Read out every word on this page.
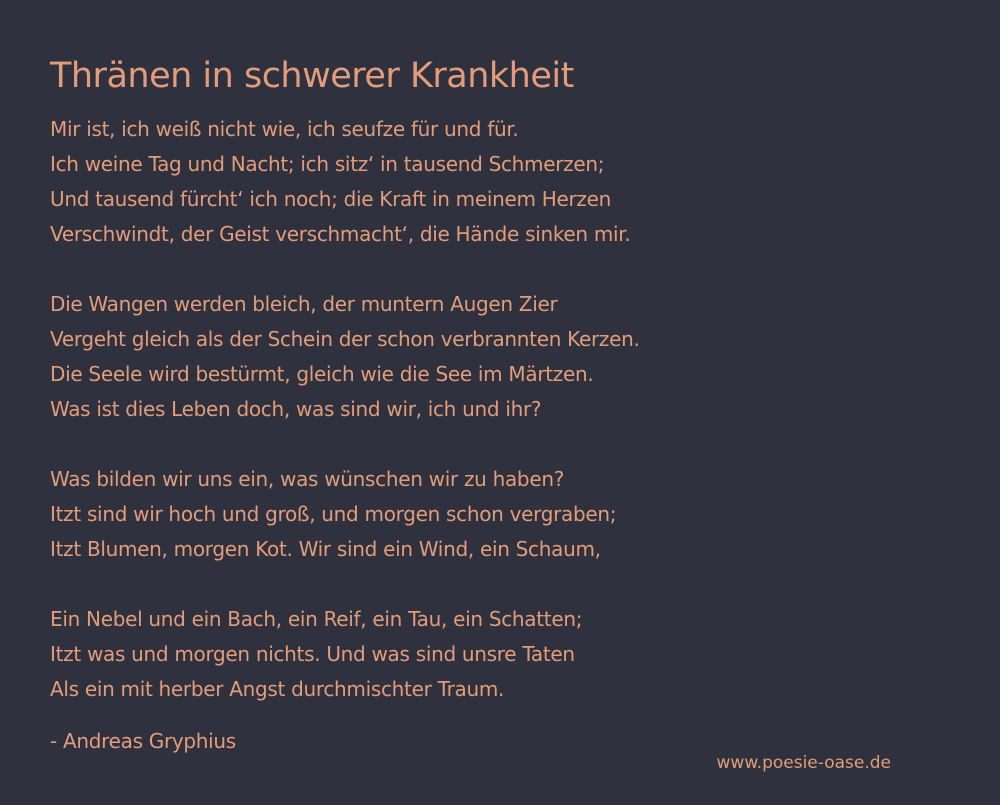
Thränen in schwerer Krankheit
Mir ist, ich weiß nicht wie, ich seufze für und für.
Ich weine Tag und Nacht; ich sitz‘ in tausend Schmerzen;
Und tausend fürcht‘ ich noch; die Kraft in meinem Herzen
Verschwindt, der Geist verschmacht‘, die Hände sinken mir.
Die Wangen werden bleich, der muntern Augen Zier
Vergeht gleich als der Schein der schon verbrannten Kerzen.
Die Seele wird bestürmt, gleich wie die See im Märtzen.
Was ist dies Leben doch, was sind wir, ich und ihr?
Was bilden wir uns ein, was wünschen wir zu haben?
Itzt sind wir hoch und groß, und morgen schon vergraben;
Itzt Blumen, morgen Kot. Wir sind ein Wind, ein Schaum,
Ein Nebel und ein Bach, ein Reif, ein Tau, ein Schatten;
Itzt was und morgen nichts. Und was sind unsre Taten
Als ein mit herber Angst durchmischter Traum.
- Andreas Gryphius
www.poesie-oase.de
